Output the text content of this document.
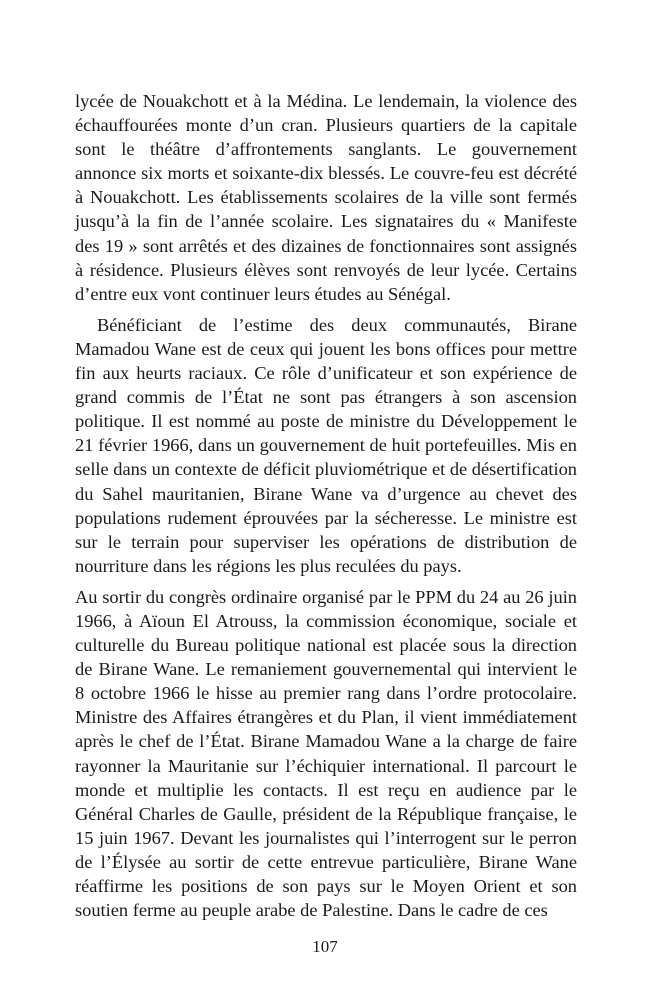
lycée de Nouakchott et à la Médina. Le lendemain, la violence des échauffourées monte d’un cran. Plusieurs quartiers de la capitale sont le théâtre d’affrontements sanglants. Le gouvernement annonce six morts et soixante-dix blessés. Le couvre-feu est décrété à Nouakchott. Les établissements scolaires de la ville sont fermés jusqu’à la fin de l’année scolaire. Les signataires du « Manifeste des 19 » sont arrêtés et des dizaines de fonctionnaires sont assignés à résidence. Plusieurs élèves sont renvoyés de leur lycée. Certains d’entre eux vont continuer leurs études au Sénégal.

Bénéficiant de l’estime des deux communautés, Birane Mamadou Wane est de ceux qui jouent les bons offices pour mettre fin aux heurts raciaux. Ce rôle d’unificateur et son expérience de grand commis de l’État ne sont pas étrangers à son ascension politique. Il est nommé au poste de ministre du Développement le 21 février 1966, dans un gouvernement de huit portefeuilles. Mis en selle dans un contexte de déficit pluviométrique et de désertification du Sahel mauritanien, Birane Wane va d’urgence au chevet des populations rudement éprouvées par la sécheresse. Le ministre est sur le terrain pour superviser les opérations de distribution de nourriture dans les régions les plus reculées du pays.

Au sortir du congrès ordinaire organisé par le PPM du 24 au 26 juin 1966, à Aïoun El Atrouss, la commission économique, sociale et culturelle du Bureau politique national est placée sous la direction de Birane Wane. Le remaniement gouvernemental qui intervient le 8 octobre 1966 le hisse au premier rang dans l’ordre protocolaire. Ministre des Affaires étrangères et du Plan, il vient immédiatement après le chef de l’État. Birane Mamadou Wane a la charge de faire rayonner la Mauritanie sur l’échiquier international. Il parcourt le monde et multiplie les contacts. Il est reçu en audience par le Général Charles de Gaulle, président de la République française, le 15 juin 1967. Devant les journalistes qui l’interrogent sur le perron de l’Élysée au sortir de cette entrevue particulière, Birane Wane réaffirme les positions de son pays sur le Moyen Orient et son soutien ferme au peuple arabe de Palestine. Dans le cadre de ces

107
